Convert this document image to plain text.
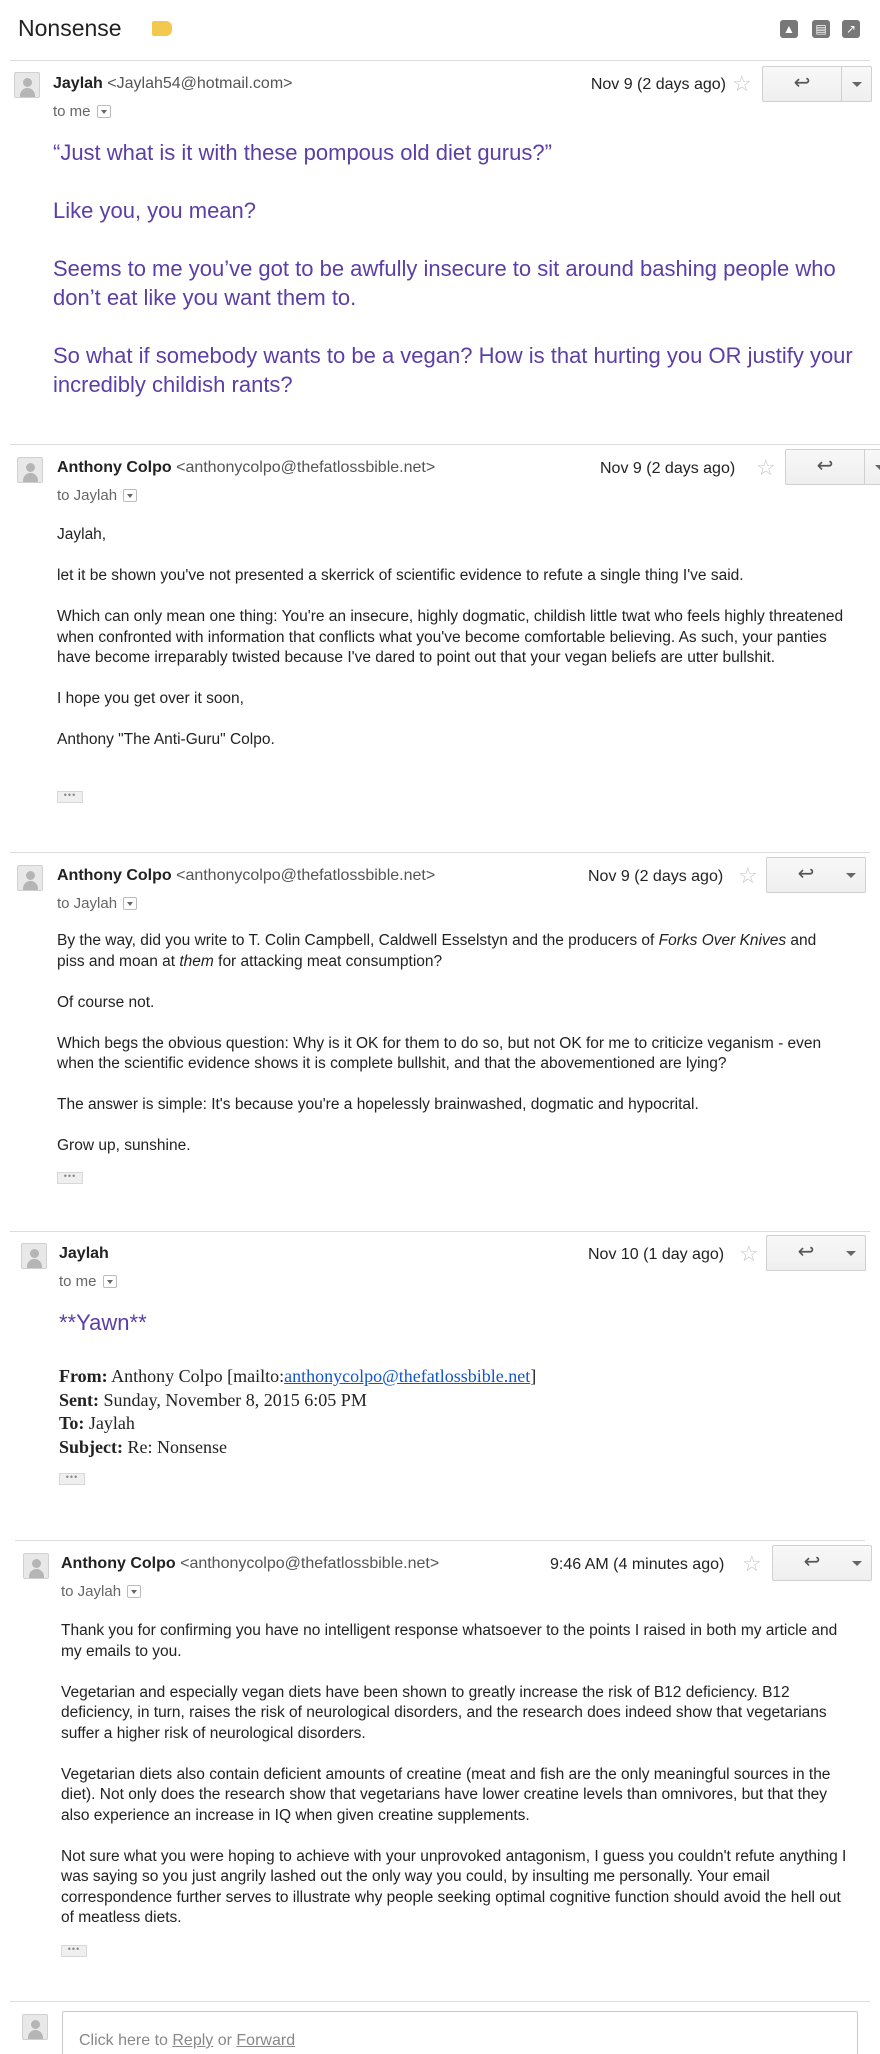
Nonsense	▲ ▤	↗
Jaylah <Jaylah54@hotmail.com>
to me
Nov 9 (2 days ago) ☆	↩

“Just what is it with these pompous old diet gurus?”

Like you, you mean?

Seems to me you’ve got to be awfully insecure to sit around bashing people who don’t eat like you want them to.

So what if somebody wants to be a vegan? How is that hurting you OR justify your incredibly childish rants?

Anthony Colpo <anthonycolpo@thefatlossbible.net>
to Jaylah
Nov 9 (2 days ago) ☆	↩

Jaylah,

let it be shown you've not presented a skerrick of scientific evidence to refute a single thing I've said.

Which can only mean one thing: You're an insecure, highly dogmatic, childish little twat who feels highly threatened when confronted with information that conflicts what you've become comfortable believing. As such, your panties have become irreparably twisted because I've dared to point out that your vegan beliefs are utter bullshit.

I hope you get over it soon,

Anthony "The Anti-Guru" Colpo.

•••
Anthony Colpo <anthonycolpo@thefatlossbible.net>
to Jaylah
Nov 9 (2 days ago) ☆	↩

By the way, did you write to T. Colin Campbell, Caldwell Esselstyn and the producers of Forks Over Knives and piss and moan at them for attacking meat consumption?

Of course not.

Which begs the obvious question: Why is it OK for them to do so, but not OK for me to criticize veganism - even when the scientific evidence shows it is complete bullshit, and that the abovementioned are lying?

The answer is simple: It's because you're a hopelessly brainwashed, dogmatic and hypocrital.

Grow up, sunshine.

•••
Jaylah
to me
Nov 10 (1 day ago) ☆	↩
**Yawn**
From: Anthony Colpo [mailto:anthonycolpo@thefatlossbible.net]
Sent: Sunday, November 8, 2015 6:05 PM
To: Jaylah
Subject: Re: Nonsense
•••
Anthony Colpo <anthonycolpo@thefatlossbible.net>
to Jaylah
9:46 AM (4 minutes ago) ☆	↩

Thank you for confirming you have no intelligent response whatsoever to the points I raised in both my article and my emails to you.

Vegetarian and especially vegan diets have been shown to greatly increase the risk of B12 deficiency. B12 deficiency, in turn, raises the risk of neurological disorders, and the research does indeed show that vegetarians suffer a higher risk of neurological disorders.

Vegetarian diets also contain deficient amounts of creatine (meat and fish are the only meaningful sources in the diet). Not only does the research show that vegetarians have lower creatine levels than omnivores, but that they also experience an increase in IQ when given creatine supplements.

Not sure what you were hoping to achieve with your unprovoked antagonism, I guess you couldn't refute anything I was saying so you just angrily lashed out the only way you could, by insulting me personally. Your email correspondence further serves to illustrate why people seeking optimal cognitive function should avoid the hell out of meatless diets.

•••
Click here to Reply or Forward
